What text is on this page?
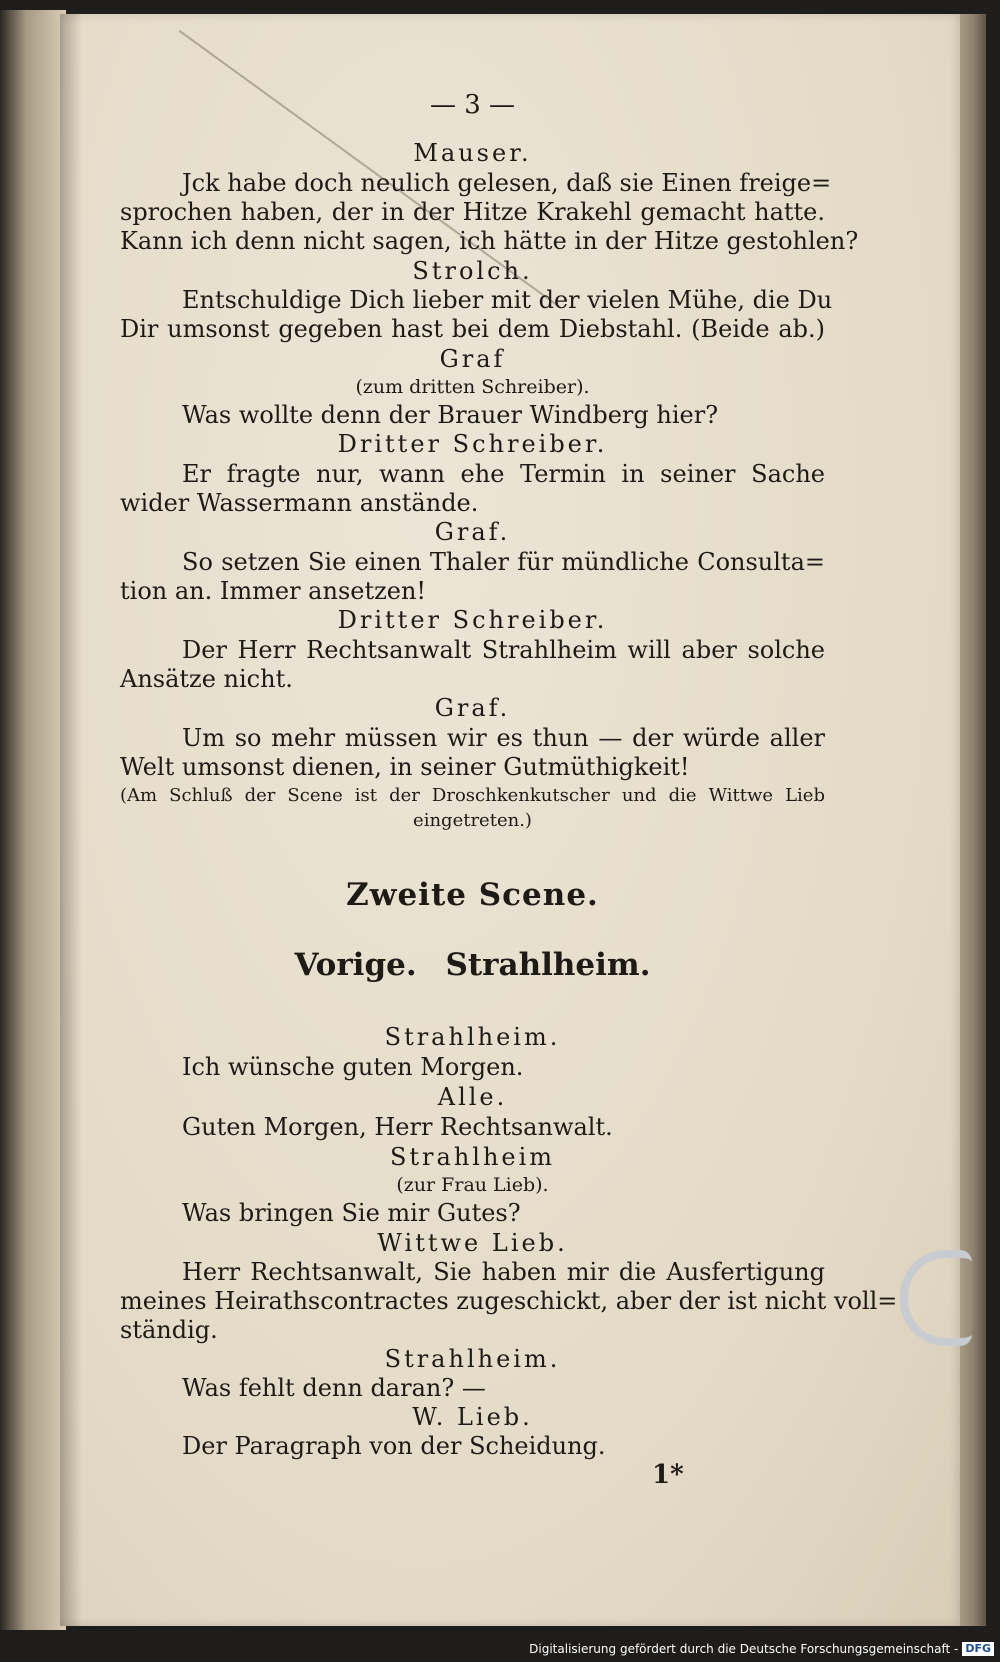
— 3 —
Mauser.
Jck habe doch neulich gelesen, daß sie Einen freige=
sprochen haben, der in der Hitze Krakehl gemacht hatte.
Kann ich denn nicht sagen, ich hätte in der Hitze gestohlen?
Strolch.
Entschuldige Dich lieber mit der vielen Mühe, die Du
Dir umsonst gegeben hast bei dem Diebstahl. (Beide ab.)
Graf
(zum dritten Schreiber).
Was wollte denn der Brauer Windberg hier?
Dritter Schreiber.
Er fragte nur, wann ehe Termin in seiner Sache
wider Wassermann anstände.
Graf.
So setzen Sie einen Thaler für mündliche Consulta=
tion an. Immer ansetzen!
Dritter Schreiber.
Der Herr Rechtsanwalt Strahlheim will aber solche
Ansätze nicht.
Graf.
Um so mehr müssen wir es thun — der würde aller
Welt umsonst dienen, in seiner Gutmüthigkeit!
(Am Schluß der Scene ist der Droschkenkutscher und die Wittwe Lieb
eingetreten.)
Zweite Scene.
Vorige. Strahlheim.
Strahlheim.
Ich wünsche guten Morgen.
Alle.
Guten Morgen, Herr Rechtsanwalt.
Strahlheim
(zur Frau Lieb).
Was bringen Sie mir Gutes?
Wittwe Lieb.
Herr Rechtsanwalt, Sie haben mir die Ausfertigung
meines Heirathscontractes zugeschickt, aber der ist nicht voll=
ständig.
Strahlheim.
Was fehlt denn daran? —
W. Lieb.
Der Paragraph von der Scheidung.
1*
Digitalisierung gefördert durch die Deutsche Forschungsgemeinschaft - DFG
